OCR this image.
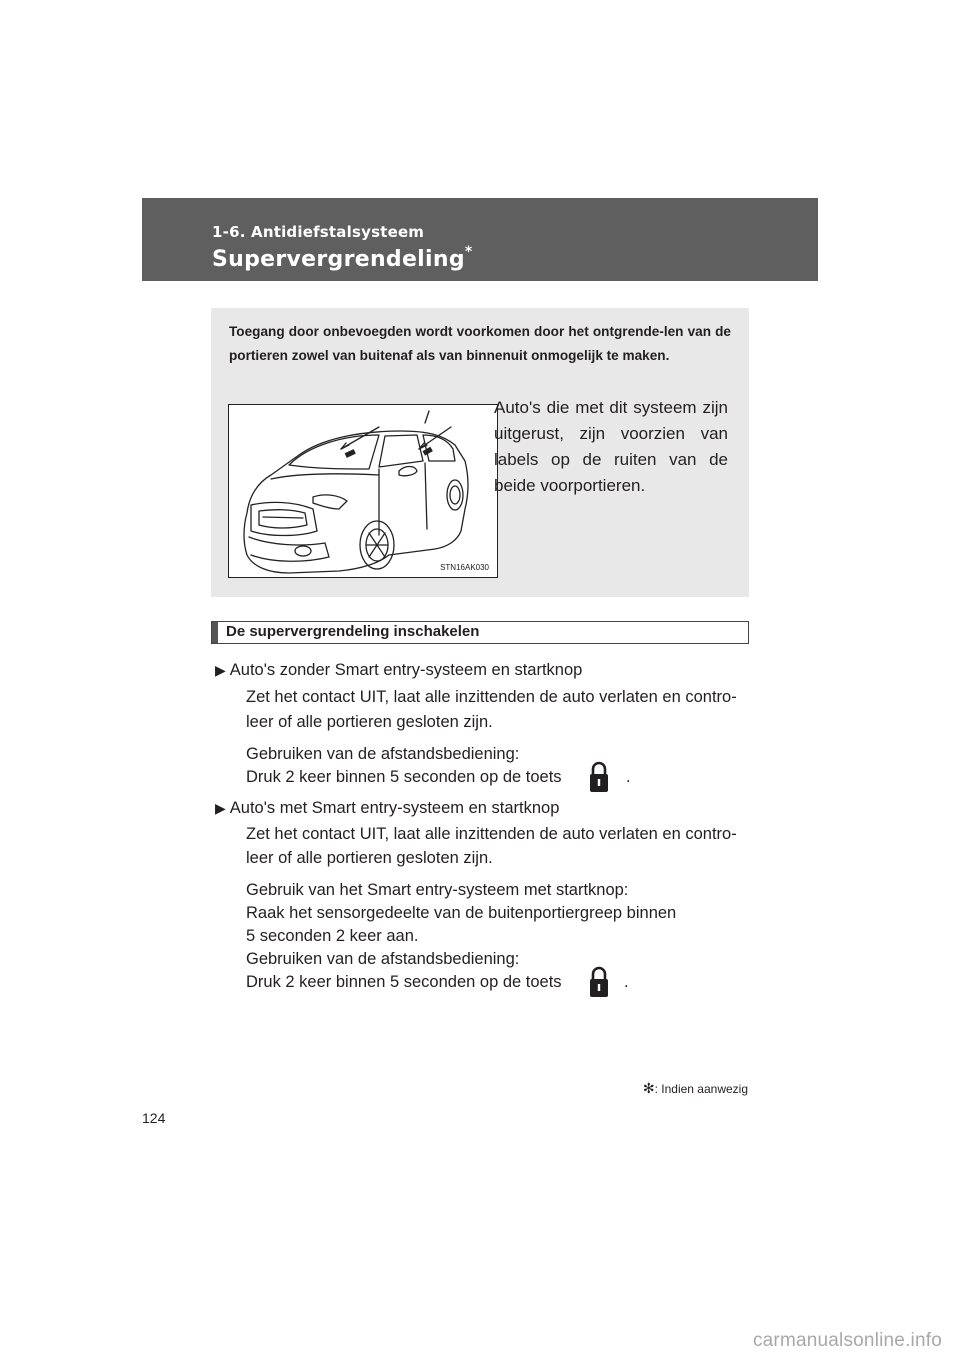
1-6. Antidiefstalsysteem
Supervergrendeling*
Toegang door onbevoegden wordt voorkomen door het ontgrende-len van de portieren zowel van buitenaf als van binnenuit onmogelijk te maken.
STN16AK030
Auto's die met dit systeem zijn uitgerust, zijn voorzien van labels op de ruiten van de beide voorportieren.
De supervergrendeling inschakelen
▶ Auto's zonder Smart entry-systeem en startknop
Zet het contact UIT, laat alle inzittenden de auto verlaten en contro-
leer of alle portieren gesloten zijn.
Gebruiken van de afstandsbediening:
Druk 2 keer binnen 5 seconden op de toets	.
▶ Auto's met Smart entry-systeem en startknop
Zet het contact UIT, laat alle inzittenden de auto verlaten en contro-
leer of alle portieren gesloten zijn.
Gebruik van het Smart entry-systeem met startknop:
Raak het sensorgedeelte van de buitenportiergreep binnen
5 seconden 2 keer aan.
Gebruiken van de afstandsbediening:
Druk 2 keer binnen 5 seconden op de toets	.
✻: Indien aanwezig
124
carmanualsonline.info
